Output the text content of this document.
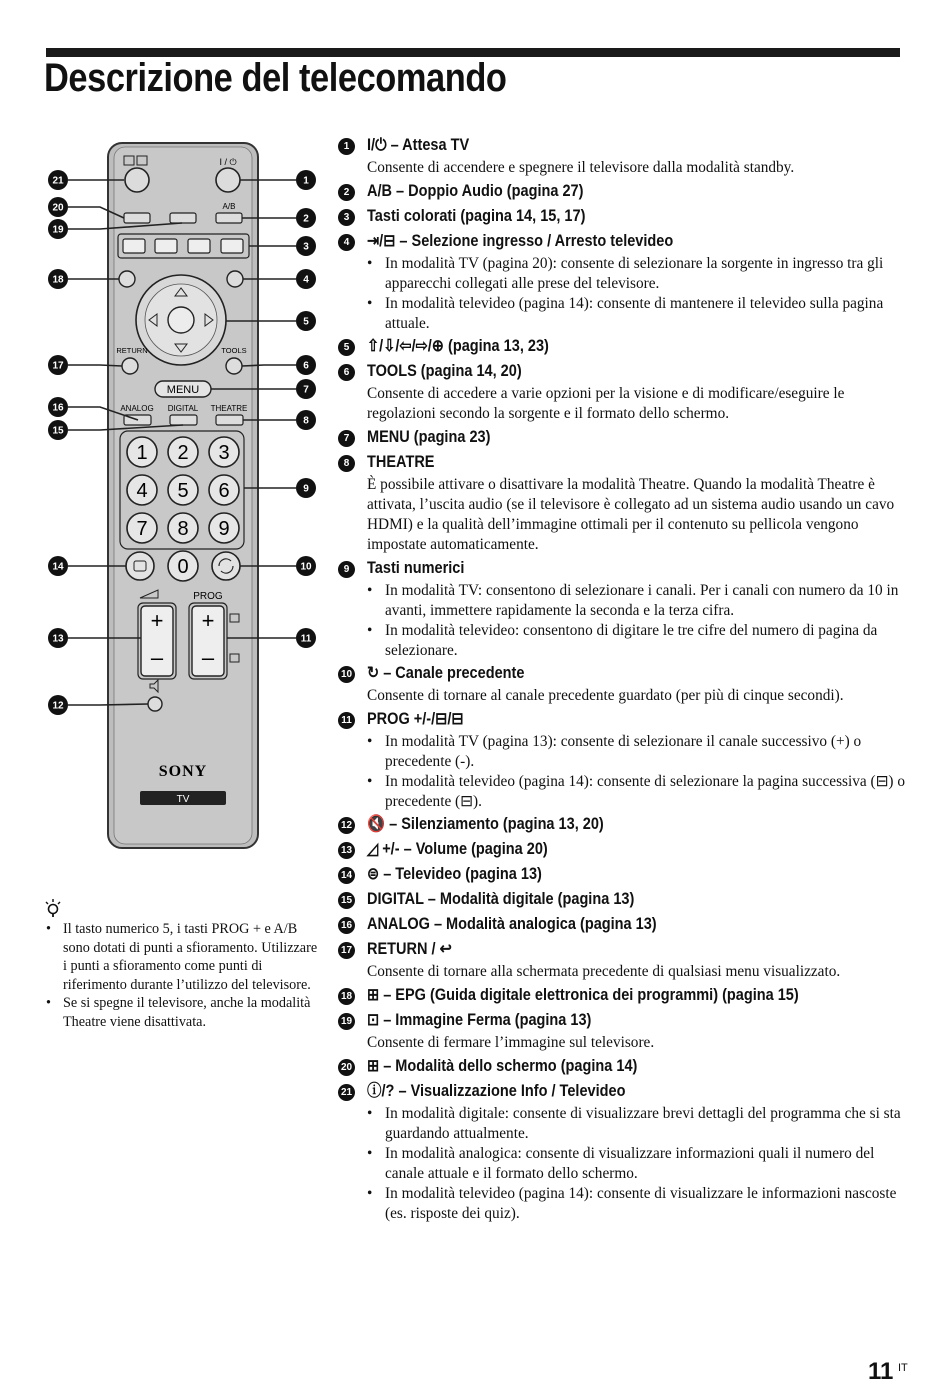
Descrizione del telecomando
I / ⏻
A/B
RETURN	TOOLS
MENU
ANALOG DIGITAL THEATRE
1 2 3
4 5 6
7 8 9
0
PROG
+
–
+
–
SONY
TV
21
20
19
18
17
16
15
14
13
12
1
2
3
4
5
6
7
8
9
10
11
• Il tasto numerico 5, i tasti PROG + e A/B sono dotati di punti a sfioramento. Utilizzare i punti a sfioramento come punti di riferimento durante l’utilizzo del televisore.
• Se si spegne il televisore, anche la modalità Theatre viene disattivata.
1	I/⏻ – Attesa TV

Consente di accendere e spegnere il televisore dalla modalità standby.

2	A/B – Doppio Audio (pagina 27)
3	Tasti colorati (pagina 14, 15, 17)
4	⇥/⊟ – Selezione ingresso / Arresto televideo

• In modalità TV (pagina 20): consente di selezionare la sorgente in ingresso tra gli apparecchi collegati alle prese del televisore.

• In modalità televideo (pagina 14): consente di mantenere il televideo sulla pagina attuale.

5	⇧/⇩/⇦/⇨/⊕ (pagina 13, 23)
6	TOOLS (pagina 14, 20)

Consente di accedere a varie opzioni per la visione e di modificare/eseguire le regolazioni secondo la sorgente e il formato dello schermo.

7	MENU (pagina 23)
8	THEATRE

È possibile attivare o disattivare la modalità Theatre. Quando la modalità Theatre è attivata, l’uscita audio (se il televisore è collegato ad un sistema audio usando un cavo HDMI) e la qualità dell’immagine ottimali per il contenuto su pellicola vengono impostate automaticamente.

9	Tasti numerici

• In modalità TV: consentono di selezionare i canali. Per i canali con numero da 10 in avanti, immettere rapidamente la seconda e la terza cifra.

• In modalità televideo: consentono di digitare le tre cifre del numero di pagina da selezionare.

10 ↻ – Canale precedente

Consente di tornare al canale precedente guardato (per più di cinque secondi).

11 PROG +/-/⊟/⊟

• In modalità TV (pagina 13): consente di selezionare il canale successivo (+) o precedente (-).

• In modalità televideo (pagina 14): consente di selezionare la pagina successiva (⊟) o precedente (⊟).

12 🔇 – Silenziamento (pagina 13, 20)
13 ◿ +/- – Volume (pagina 20)
14 ⊜ – Televideo (pagina 13)
15 DIGITAL – Modalità digitale (pagina 13)
16 ANALOG – Modalità analogica (pagina 13)
17 RETURN / ↩

Consente di tornare alla schermata precedente di qualsiasi menu visualizzato.

18 ⊞ – EPG (Guida digitale elettronica dei programmi) (pagina 15)
19 ⊡ – Immagine Ferma (pagina 13)

Consente di fermare l’immagine sul televisore.

20 ⊞ – Modalità dello schermo (pagina 14)
21 ⓘ/? – Visualizzazione Info / Televideo

• In modalità digitale: consente di visualizzare brevi dettagli del programma che si sta guardando attualmente.

• In modalità analogica: consente di visualizzare informazioni quali il numero del canale attuale e il formato dello schermo.

• In modalità televideo (pagina 14): consente di visualizzare le informazioni nascoste (es. risposte dei quiz).

11 IT
